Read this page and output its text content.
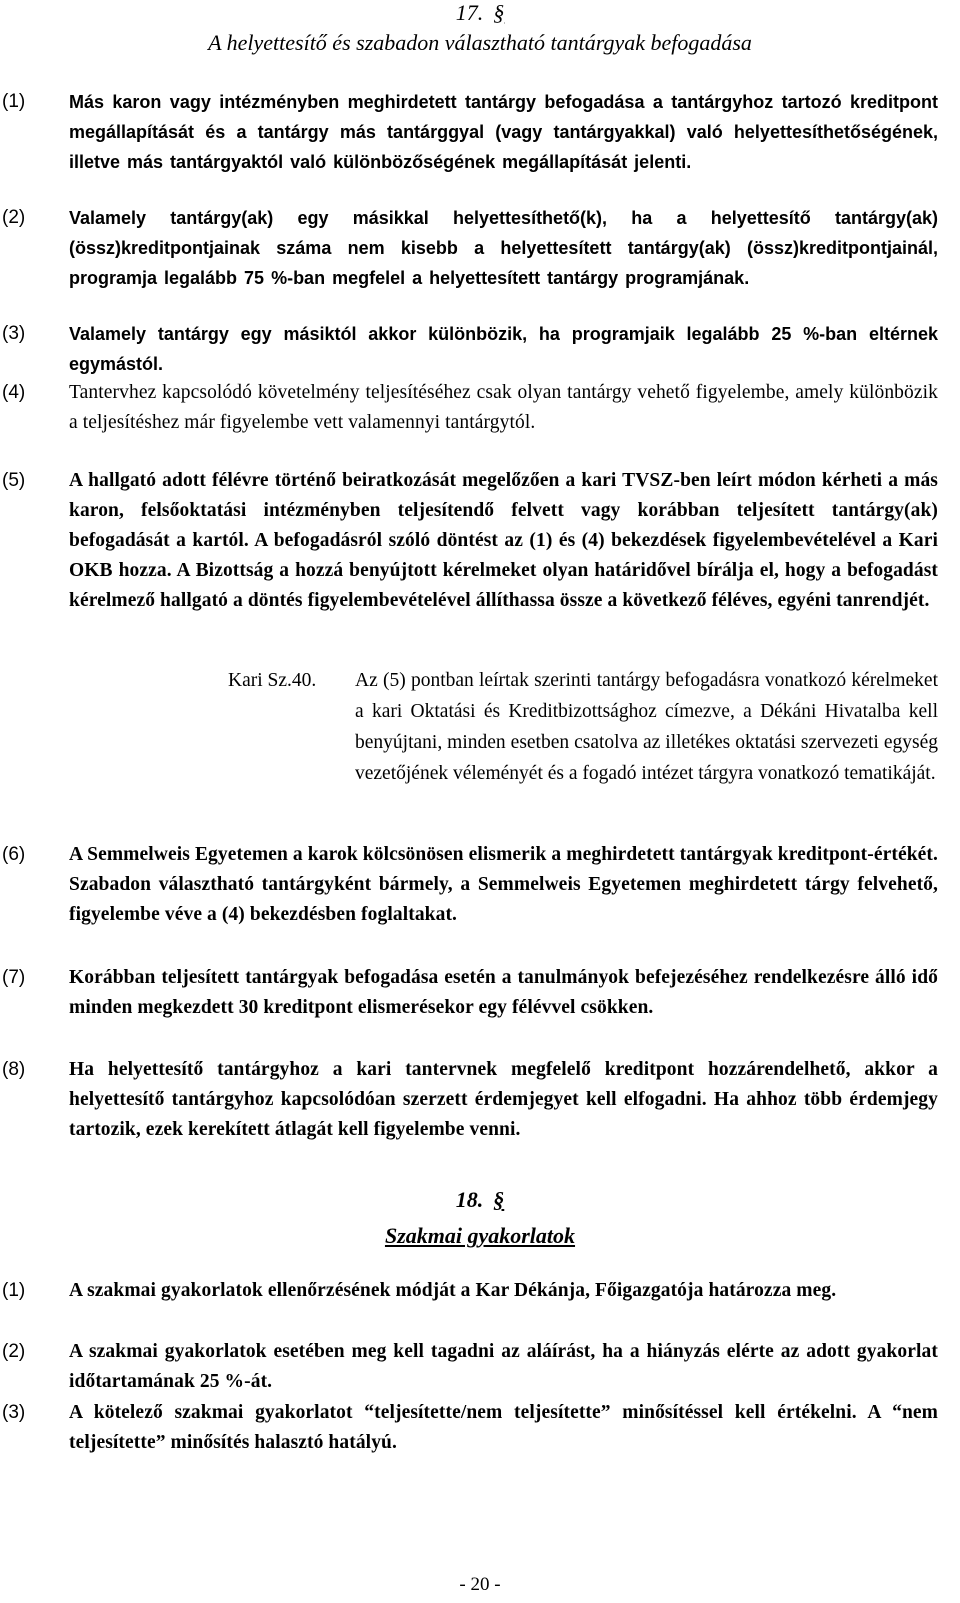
17. §
A helyettesítő és szabadon választható tantárgyak befogadása
(1) Más karon vagy intézményben meghirdetett tantárgy befogadása a tantárgyhoz tartozó kreditpont megállapítását és a tantárgy más tantárggyal (vagy tantárgyakkal) való helyettesíthetőségének, illetve más tantárgyaktól való különbözőségének megállapítását jelenti.
(2) Valamely tantárgy(ak) egy másikkal helyettesíthető(k), ha a helyettesítő tantárgy(ak) (össz)kreditpontjainak száma nem kisebb a helyettesített tantárgy(ak) (össz)kreditpontjainál, programja legalább 75 %-ban megfelel a helyettesített tantárgy programjának.
(3) Valamely tantárgy egy másiktól akkor különbözik, ha programjaik legalább 25 %-ban eltérnek egymástól.
(4) Tantervhez kapcsolódó követelmény teljesítéséhez csak olyan tantárgy vehető figyelembe, amely különbözik a teljesítéshez már figyelembe vett valamennyi tantárgytól.
(5) A hallgató adott félévre történő beiratkozását megelőzően a kari TVSZ-ben leírt módon kérheti a más karon, felsőoktatási intézményben teljesítendő felvett vagy korábban teljesített tantárgy(ak) befogadását a kartól. A befogadásról szóló döntést az (1) és (4) bekezdések figyelembevételével a Kari OKB hozza. A Bizottság a hozzá benyújtott kérelmeket olyan határidővel bírálja el, hogy a befogadást kérelmező hallgató a döntés figyelembevételével állíthassa össze a következő féléves, egyéni tanrendjét.
Kari Sz.40. Az (5) pontban leírtak szerinti tantárgy befogadásra vonatkozó kérelmeket a kari Oktatási és Kreditbizottsághoz címezve, a Dékáni Hivatalba kell benyújtani, minden esetben csatolva az illetékes oktatási szervezeti egység vezetőjének véleményét és a fogadó intézet tárgyra vonatkozó tematikáját.
(6) A Semmelweis Egyetemen a karok kölcsönösen elismerik a meghirdetett tantárgyak kreditpont-értékét. Szabadon választható tantárgyként bármely, a Semmelweis Egyetemen meghirdetett tárgy felvehető, figyelembe véve a (4) bekezdésben foglaltakat.
(7) Korábban teljesített tantárgyak befogadása esetén a tanulmányok befejezéséhez rendelkezésre álló idő minden megkezdett 30 kreditpont elismerésekor egy félévvel csökken.
(8) Ha helyettesítő tantárgyhoz a kari tantervnek megfelelő kreditpont hozzárendelhető, akkor a helyettesítő tantárgyhoz kapcsolódóan szerzett érdemjegyet kell elfogadni. Ha ahhoz több érdemjegy tartozik, ezek kerekített átlagát kell figyelembe venni.
18. §
Szakmai gyakorlatok
(1) A szakmai gyakorlatok ellenőrzésének módját a Kar Dékánja, Főigazgatója határozza meg.
(2) A szakmai gyakorlatok esetében meg kell tagadni az aláírást, ha a hiányzás elérte az adott gyakorlat időtartamának 25 %-át.
(3) A kötelező szakmai gyakorlatot “teljesítette/nem teljesítette” minősítéssel kell értékelni. A “nem teljesítette” minősítés halasztó hatályú.
- 20 -
